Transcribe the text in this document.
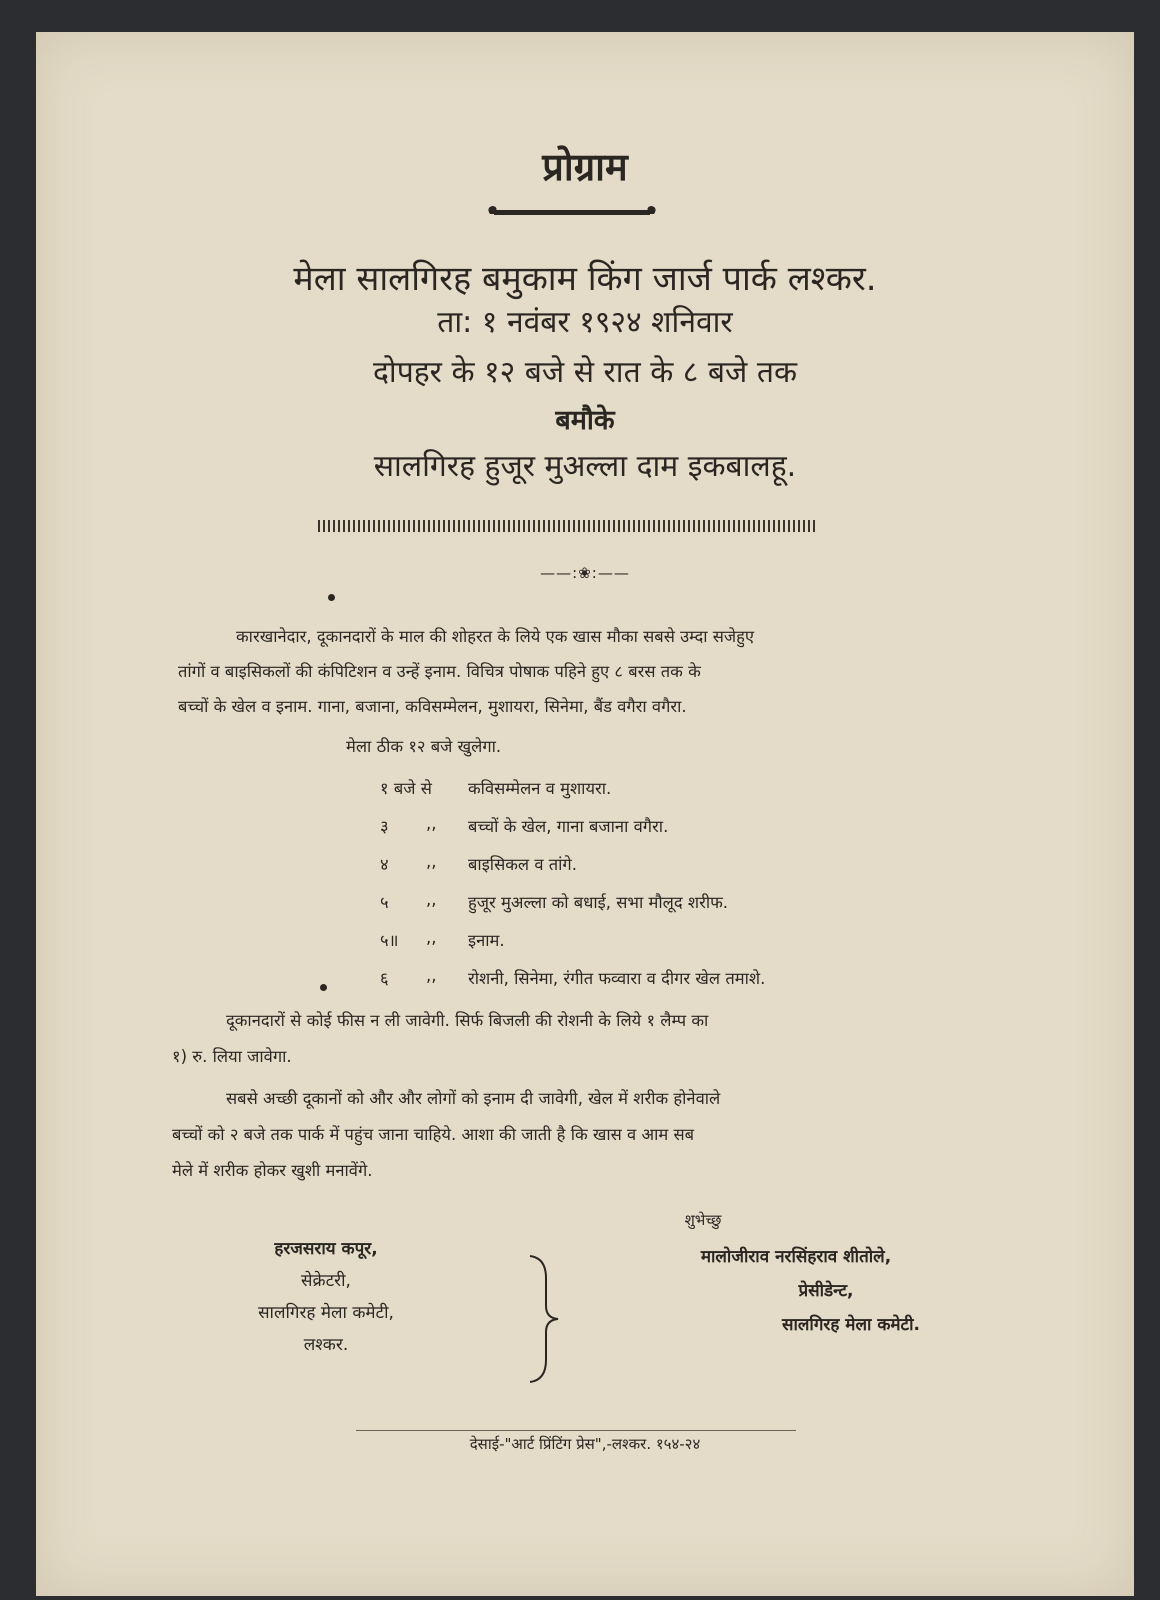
प्रोग्राम
मेला सालगिरह बमुकाम किंग जार्ज पार्क लश्कर.
ता: १ नवंबर १९२४ शनिवार
दोपहर के १२ बजे से रात के ८ बजे तक
बमौके
सालगिरह हुजूर मुअल्ला दाम इकबालहू.
——:❀:——
कारखानेदार, दूकानदारों के माल की शोहरत के लिये एक खास मौका सबसे उम्दा सजेहुए
तांगों व बाइसिकलों की कंपिटिशन व उन्हें इनाम. विचित्र पोषाक पहिने हुए ८ बरस तक के
बच्चों के खेल व इनाम. गाना, बजाना, कविसम्मेलन, मुशायरा, सिनेमा, बैंड वगैरा वगैरा.
मेला ठीक १२ बजे खुलेगा.
१ बजे से कविसम्मेलन व मुशायरा.
३ ,, बच्चों के खेल, गाना बजाना वगैरा.
४ ,, बाइसिकल व तांगे.
५ ,, हुजूर मुअल्ला को बधाई, सभा मौलूद शरीफ.
५॥ ,, इनाम.
६ ,, रोशनी, सिनेमा, रंगीत फव्वारा व दीगर खेल तमाशे.
दूकानदारों से कोई फीस न ली जावेगी. सिर्फ बिजली की रोशनी के लिये १ लैम्प का
१) रु. लिया जावेगा.
सबसे अच्छी दूकानों को और और लोगों को इनाम दी जावेगी, खेल में शरीक होनेवाले
बच्चों को २ बजे तक पार्क में पहुंच जाना चाहिये. आशा की जाती है कि खास व आम सब
मेले में शरीक होकर खुशी मनावेंगे.
शुभेच्छु
हरजसराय कपूर,
सेक्रेटरी,
सालगिरह मेला कमेटी,
लश्कर.
मालोजीराव नरसिंहराव शीतोले,
प्रेसीडेन्ट,
सालगिरह मेला कमेटी.
देसाई-"आर्ट प्रिंटिंग प्रेस",-लश्कर. १५४-२४
